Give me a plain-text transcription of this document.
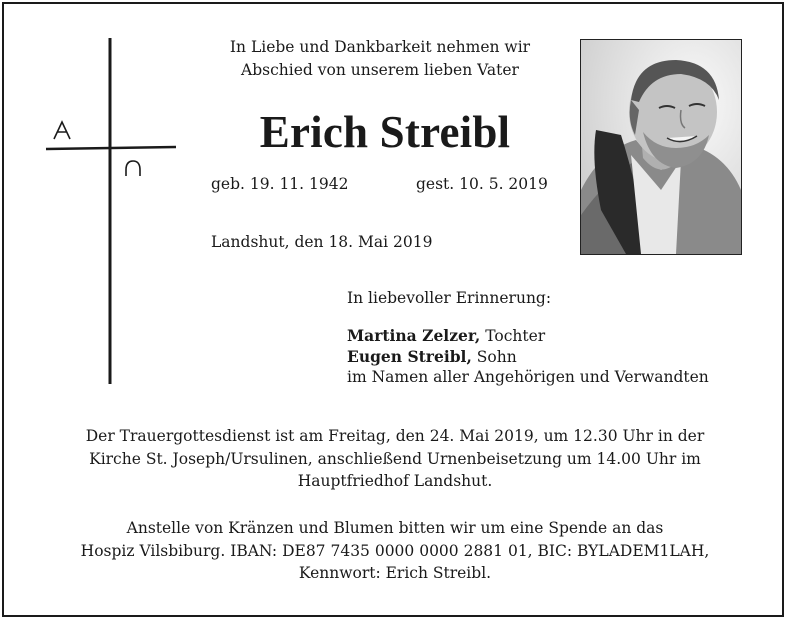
In Liebe und Dankbarkeit nehmen wir
Abschied von unserem lieben Vater
Erich Streibl
geb. 19. 11. 1942	gest. 10. 5. 2019
Landshut, den 18. Mai 2019
In liebevoller Erinnerung:
Martina Zelzer, Tochter
Eugen Streibl, Sohn
im Namen aller Angehörigen und Verwandten
Der Trauergottesdienst ist am Freitag, den 24. Mai 2019, um 12.30 Uhr in der
Kirche St. Joseph/Ursulinen, anschließend Urnenbeisetzung um 14.00 Uhr im
Hauptfriedhof Landshut.
Anstelle von Kränzen und Blumen bitten wir um eine Spende an das
Hospiz Vilsbiburg. IBAN: DE87 7435 0000 0000 2881 01, BIC: BYLADEM1LAH,
Kennwort: Erich Streibl.
